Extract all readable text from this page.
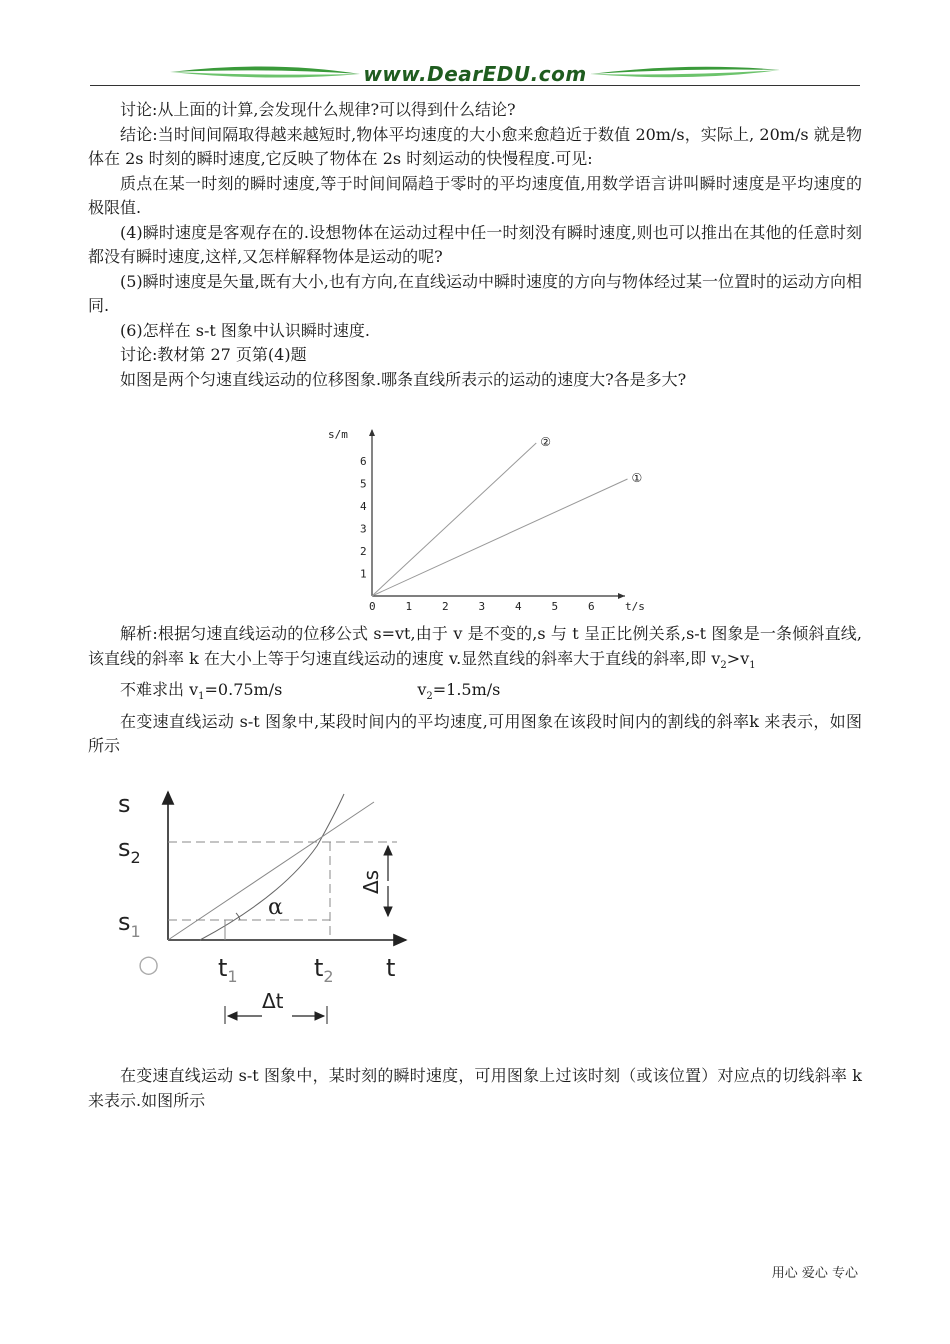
www.DearEDU.com

讨论:从上面的计算,会发现什么规律?可以得到什么结论?

结论:当时间间隔取得越来越短时,物体平均速度的大小愈来愈趋近于数值 20m/s，实际上, 20m/s 就是物体在 2s 时刻的瞬时速度,它反映了物体在 2s 时刻运动的快慢程度.可见:

质点在某一时刻的瞬时速度,等于时间间隔趋于零时的平均速度值,用数学语言讲叫瞬时速度是平均速度的极限值.

(4)瞬时速度是客观存在的.设想物体在运动过程中任一时刻没有瞬时速度,则也可以推出在其他的任意时刻都没有瞬时速度,这样,又怎样解释物体是运动的呢?

(5)瞬时速度是矢量,既有大小,也有方向,在直线运动中瞬时速度的方向与物体经过某一位置时的运动方向相同.

(6)怎样在 s-t 图象中认识瞬时速度.

讨论:教材第 27 页第(4)题

如图是两个匀速直线运动的位移图象.哪条直线所表示的运动的速度大?各是多大?

s/m
t/s
0	1	2	3	4	5	6
1
2
3
4
5
6
①
②

解析:根据匀速直线运动的位移公式 s=vt,由于 v 是不变的,s 与 t 呈正比例关系,s-t 图象是一条倾斜直线,该直线的斜率 k 在大小上等于匀速直线运动的速度 v.显然直线的斜率大于直线的斜率,即 $v_2>v_1$

不难求出 $v_1=0.75m/s$	$v_2=1.5m/s$

在变速直线运动 s-t 图象中,某段时间内的平均速度,可用图象在该段时间内的割线的斜率k 来表示，如图所示

s
$s_2$
$s_1$
○ $t_1$	$t_2$ t
Δs
α
Δt

在变速直线运动 s-t 图象中，某时刻的瞬时速度，可用图象上过该时刻（或该位置）对应点的切线斜率 k 来表示.如图所示

用心 爱心 专心
